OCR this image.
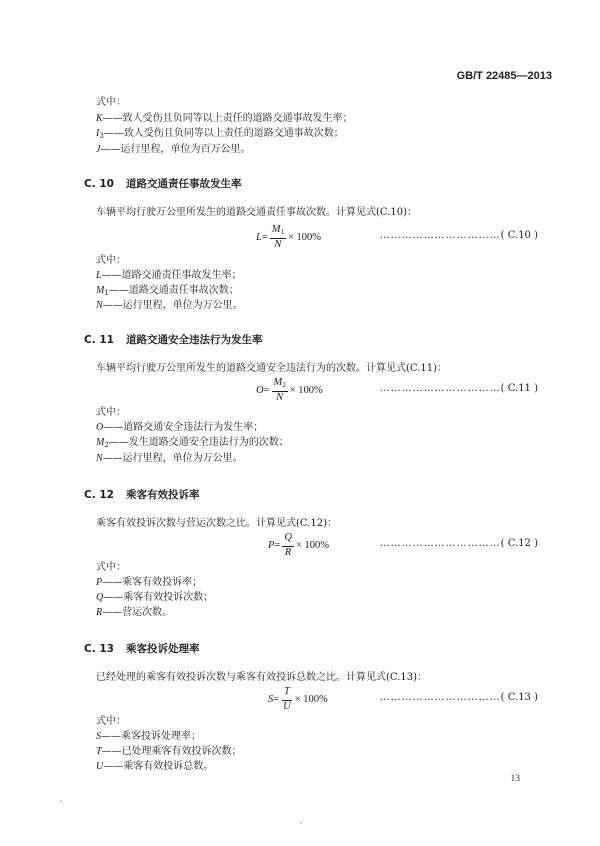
GB/T 22485—2013
式中：
K——致人受伤且负同等以上责任的道路交通事故发生率；
$I_3——$致人受伤且负同等以上责任的道路交通事故次数；
J——运行里程，单位为百万公里。
C. 10 道路交通责任事故发生率
车辆平均行驶万公里所发生的道路交通责任事故次数。计算见式(C.10)：
$L = \frac{M_1}{N} \times 100\%$	……………………………( C.10 )
式中：
L——道路交通责任事故发生率；
$M_1——$道路交通责任事故次数；
N——运行里程，单位为万公里。
C. 11 道路交通安全违法行为发生率
车辆平均行驶万公里所发生的道路交通安全违法行为的次数。计算见式(C.11)：
$O = \frac{M_2}{N} \times 100\%$	……………………………( C.11 )
式中：
O——道路交通安全违法行为发生率；
$M_2——$发生道路交通安全违法行为的次数；
N——运行里程，单位为万公里。
C. 12 乘客有效投诉率
乘客有效投诉次数与营运次数之比。计算见式(C.12)：
$P = \frac{Q}{R} \times 100\%$	……………………………( C.12 )
式中：
P——乘客有效投诉率；
Q——乘客有效投诉次数；
R——营运次数。
C. 13 乘客投诉处理率
已经处理的乘客有效投诉次数与乘客有效投诉总数之比。计算见式(C.13)：
$S = \frac{T}{U} \times 100\%$	……………………………( C.13 )
式中：
S——乘客投诉处理率；
T——已处理乘客有效投诉次数；
U——乘客有效投诉总数。
13
